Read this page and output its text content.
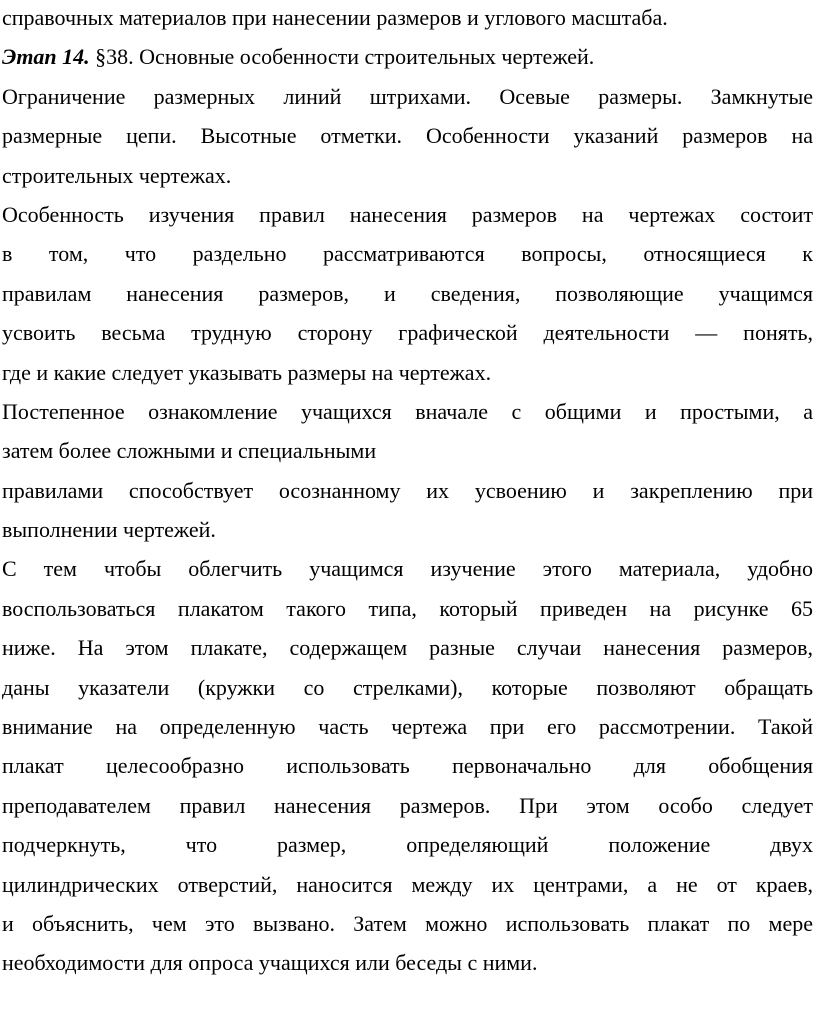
справочных материалов при нанесении размеров и углового масштаба.
Этап 14. §38. Основные особенности строительных чертежей.
Ограничение размерных линий штрихами. Осевые размеры. Замкнутые
размерные цепи. Высотные отметки. Особенности указаний размеров на
строительных чертежах.
Особенность изучения правил нанесения размеров на чертежах состоит
в том, что раздельно рассматриваются вопросы, относящиеся к
правилам нанесения размеров, и сведения, позволяющие учащимся
усвоить весьма трудную сторону графической деятельности — понять,
где и какие следует указывать размеры на чертежах.
Постепенное ознакомление учащихся вначале с общими и простыми, а
затем более сложными и специальными
правилами способствует осознанному их усвоению и закреплению при
выполнении чертежей.
С тем чтобы облегчить учащимся изучение этого материала, удобно
воспользоваться плакатом такого типа, который приведен на рисунке 65
ниже. На этом плакате, содержащем разные случаи нанесения размеров,
даны указатели (кружки со стрелками), которые позволяют обращать
внимание на определенную часть чертежа при его рассмотрении. Такой
плакат целесообразно использовать первоначально для обобщения
преподавателем правил нанесения размеров. При этом особо следует
подчеркнуть, что размер, определяющий положение двух
цилиндрических отверстий, наносится между их центрами, а не от краев,
и объяснить, чем это вызвано. Затем можно использовать плакат по мере
необходимости для опроса учащихся или беседы с ними.
